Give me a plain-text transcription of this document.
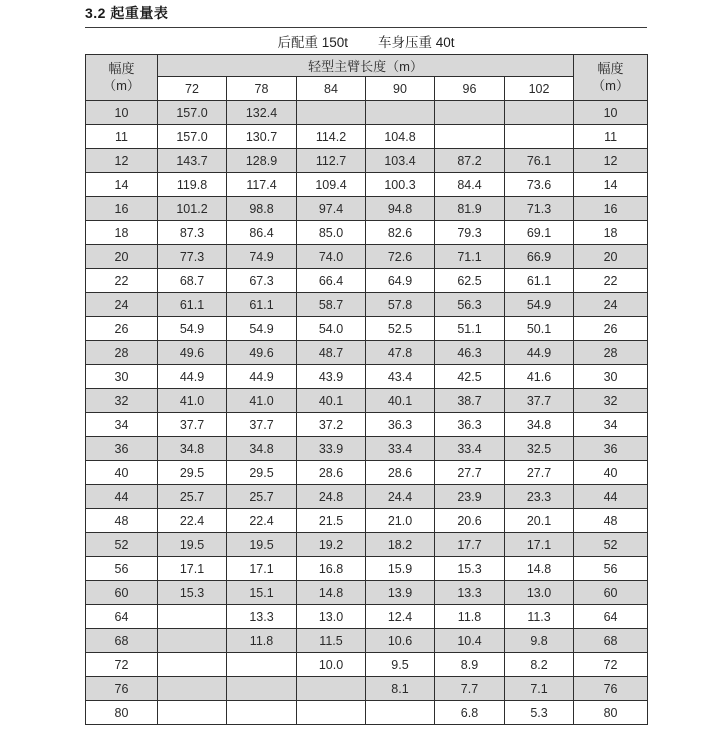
3.2 起重量表
后配重 150t 车身压重 40t
幅度
（m）	轻型主臂长度（m）						幅度
（m）
	72	78	84	90	96	102	
10	157.0	132.4					10
11	157.0	130.7	114.2	104.8			11
12	143.7	128.9	112.7	103.4	87.2	76.1	12
14	119.8	117.4	109.4	100.3	84.4	73.6	14
16	101.2	98.8	97.4	94.8	81.9	71.3	16
18	87.3	86.4	85.0	82.6	79.3	69.1	18
20	77.3	74.9	74.0	72.6	71.1	66.9	20
22	68.7	67.3	66.4	64.9	62.5	61.1	22
24	61.1	61.1	58.7	57.8	56.3	54.9	24
26	54.9	54.9	54.0	52.5	51.1	50.1	26
28	49.6	49.6	48.7	47.8	46.3	44.9	28
30	44.9	44.9	43.9	43.4	42.5	41.6	30
32	41.0	41.0	40.1	40.1	38.7	37.7	32
34	37.7	37.7	37.2	36.3	36.3	34.8	34
36	34.8	34.8	33.9	33.4	33.4	32.5	36
40	29.5	29.5	28.6	28.6	27.7	27.7	40
44	25.7	25.7	24.8	24.4	23.9	23.3	44
48	22.4	22.4	21.5	21.0	20.6	20.1	48
52	19.5	19.5	19.2	18.2	17.7	17.1	52
56	17.1	17.1	16.8	15.9	15.3	14.8	56
60	15.3	15.1	14.8	13.9	13.3	13.0	60
64		13.3	13.0	12.4	11.8	11.3	64
68		11.8	11.5	10.6	10.4	9.8	68
72			10.0	9.5	8.9	8.2	72
76				8.1	7.7	7.1	76
80					6.8	5.3	80
